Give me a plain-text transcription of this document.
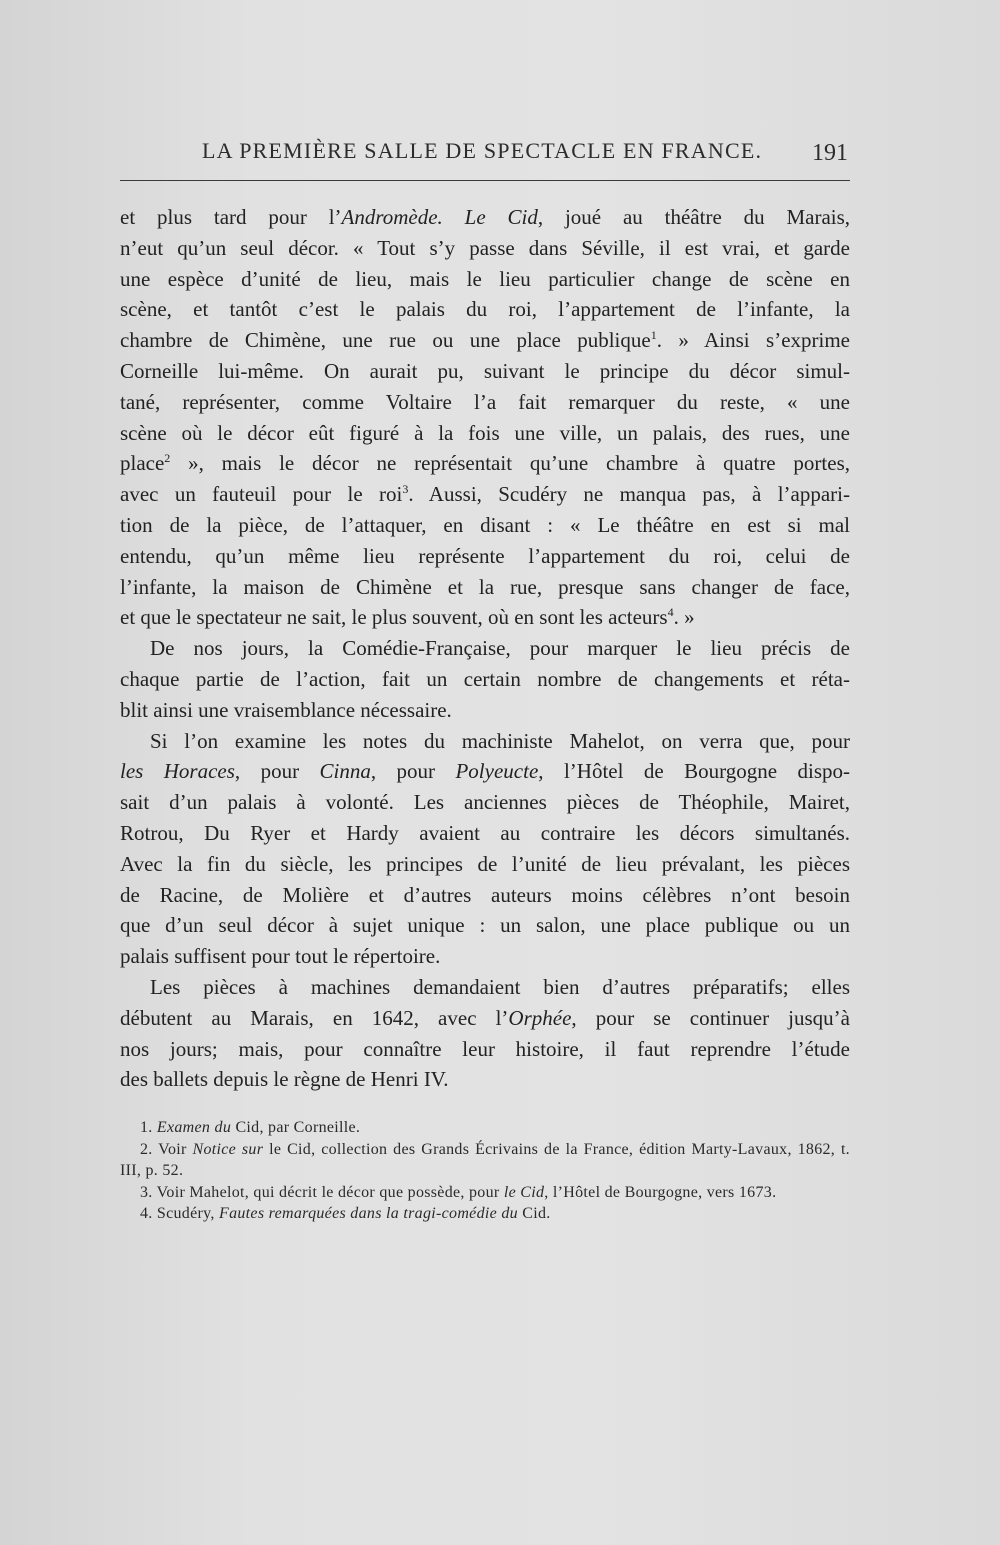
LA PREMIÈRE SALLE DE SPECTACLE EN FRANCE. 191

et plus tard pour l’Andromède. Le Cid, joué au théâtre du Marais,

n’eut qu’un seul décor. « Tout s’y passe dans Séville, il est vrai, et garde

une espèce d’unité de lieu, mais le lieu particulier change de scène en

scène, et tantôt c’est le palais du roi, l’appartement de l’infante, la

chambre de Chimène, une rue ou une place publique$^1$. » Ainsi s’exprime

Corneille lui-même. On aurait pu, suivant le principe du décor simul-

tané, représenter, comme Voltaire l’a fait remarquer du reste, « une

scène où le décor eût figuré à la fois une ville, un palais, des rues, une

place$^2$ », mais le décor ne représentait qu’une chambre à quatre portes,

avec un fauteuil pour le roi$^3$. Aussi, Scudéry ne manqua pas, à l’appari-

tion de la pièce, de l’attaquer, en disant : « Le théâtre en est si mal

entendu, qu’un même lieu représente l’appartement du roi, celui de

l’infante, la maison de Chimène et la rue, presque sans changer de face,

et que le spectateur ne sait, le plus souvent, où en sont les acteurs$^4$. »

De nos jours, la Comédie-Française, pour marquer le lieu précis de

chaque partie de l’action, fait un certain nombre de changements et réta-

blit ainsi une vraisemblance nécessaire.

Si l’on examine les notes du machiniste Mahelot, on verra que, pour

les Horaces, pour Cinna, pour Polyeucte, l’Hôtel de Bourgogne dispo-

sait d’un palais à volonté. Les anciennes pièces de Théophile, Mairet,

Rotrou, Du Ryer et Hardy avaient au contraire les décors simultanés.

Avec la fin du siècle, les principes de l’unité de lieu prévalant, les pièces

de Racine, de Molière et d’autres auteurs moins célèbres n’ont besoin

que d’un seul décor à sujet unique : un salon, une place publique ou un

palais suffisent pour tout le répertoire.

Les pièces à machines demandaient bien d’autres préparatifs; elles

débutent au Marais, en 1642, avec l’Orphée, pour se continuer jusqu’à

nos jours; mais, pour connaître leur histoire, il faut reprendre l’étude

des ballets depuis le règne de Henri IV.

1. Examen du Cid, par Corneille.

2. Voir Notice sur le Cid, collection des Grands Écrivains de la France, édition Marty-Lavaux, 1862, t. III, p. 52.

3. Voir Mahelot, qui décrit le décor que possède, pour le Cid, l’Hôtel de Bourgogne, vers 1673.

4. Scudéry, Fautes remarquées dans la tragi-comédie du Cid.
